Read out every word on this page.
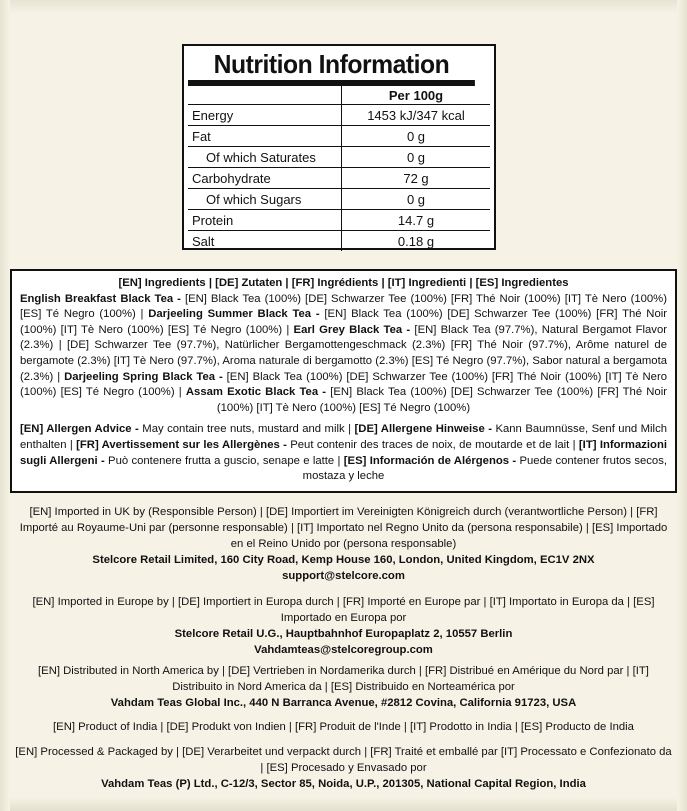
Nutrition Information
	Per 100g
Energy	1453 kJ/347 kcal
Fat	0 g
Of which Saturates	0 g
Carbohydrate	72 g
Of which Sugars	0 g
Protein	14.7 g
Salt	0.18 g
[EN] Ingredients | [DE] Zutaten | [FR] Ingrédients | [IT] Ingredienti | [ES] Ingredientes

English Breakfast Black Tea - [EN] Black Tea (100%) [DE] Schwarzer Tee (100%) [FR] Thé Noir (100%) [IT] Tè Nero (100%) [ES] Té Negro (100%) | Darjeeling Summer Black Tea - [EN] Black Tea (100%) [DE] Schwarzer Tee (100%) [FR] Thé Noir (100%) [IT] Tè Nero (100%) [ES] Té Negro (100%) | Earl Grey Black Tea - [EN] Black Tea (97.7%), Natural Bergamot Flavor (2.3%) | [DE] Schwarzer Tee (97.7%), Natürlicher Bergamottengeschmack (2.3%) [FR] Thé Noir (97.7%), Arôme naturel de bergamote (2.3%) [IT] Tè Nero (97.7%), Aroma naturale di bergamotto (2.3%) [ES] Té Negro (97.7%), Sabor natural a bergamota (2.3%) | Darjeeling Spring Black Tea - [EN] Black Tea (100%) [DE] Schwarzer Tee (100%) [FR] Thé Noir (100%) [IT] Tè Nero (100%) [ES] Té Negro (100%) | Assam Exotic Black Tea - [EN] Black Tea (100%) [DE] Schwarzer Tee (100%) [FR] Thé Noir (100%) [IT] Tè Nero (100%) [ES] Té Negro (100%)

[EN] Allergen Advice - May contain tree nuts, mustard and milk | [DE] Allergene Hinweise - Kann Baumnüsse, Senf und Milch enthalten | [FR] Avertissement sur les Allergènes - Peut contenir des traces de noix, de moutarde et de lait | [IT] Informazioni sugli Allergeni - Può contenere frutta a guscio, senape e latte | [ES] Información de Alérgenos - Puede contener frutos secos, mostaza y leche

[EN] Imported in UK by (Responsible Person) | [DE] Importiert im Vereinigten Königreich durch (verantwortliche Person) | [FR] Importé au Royaume-Uni par (personne responsable) | [IT] Importato nel Regno Unito da (persona responsabile) | [ES] Importado en el Reino Unido por (persona responsable)
Stelcore Retail Limited, 160 City Road, Kemp House 160, London, United Kingdom, EC1V 2NX
support@stelcore.com
[EN] Imported in Europe by | [DE] Importiert in Europa durch | [FR] Importé en Europe par | [IT] Importato in Europa da | [ES] Importado en Europa por
Stelcore Retail U.G., Hauptbahnhof Europaplatz 2, 10557 Berlin
Vahdamteas@stelcoregroup.com
[EN] Distributed in North America by | [DE] Vertrieben in Nordamerika durch | [FR] Distribué en Amérique du Nord par | [IT] Distribuito in Nord America da | [ES] Distribuido en Norteamérica por
Vahdam Teas Global Inc., 440 N Barranca Avenue, #2812 Covina, California 91723, USA
[EN] Product of India | [DE] Produkt von Indien | [FR] Produit de l'Inde | [IT] Prodotto in India | [ES] Producto de India
[EN] Processed & Packaged by | [DE] Verarbeitet und verpackt durch | [FR] Traité et emballé par [IT] Processato e Confezionato da | [ES] Procesado y Envasado por
Vahdam Teas (P) Ltd., C-12/3, Sector 85, Noida, U.P., 201305, National Capital Region, India
